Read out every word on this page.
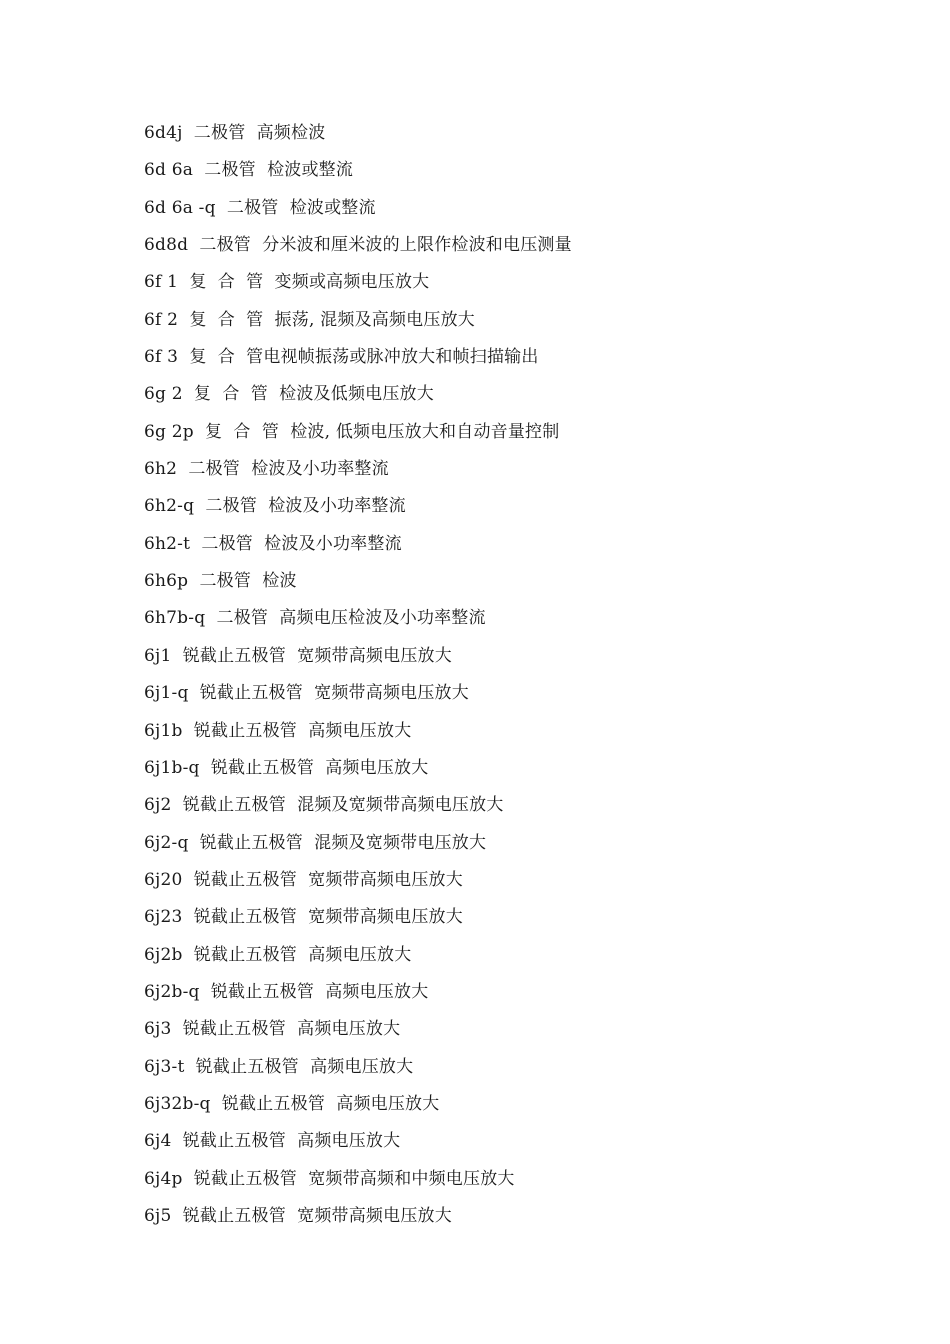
6d4j  二极管  高频检波
6d 6a  二极管  检波或整流
6d 6a -q  二极管  检波或整流
6d8d  二极管  分米波和厘米波的上限作检波和电压测量
6f 1  复  合  管  变频或高频电压放大
6f 2  复  合  管  振荡, 混频及高频电压放大
6f 3  复  合  管电视帧振荡或脉冲放大和帧扫描输出
6g 2  复  合  管  检波及低频电压放大
6g 2p  复  合  管  检波, 低频电压放大和自动音量控制
6h2  二极管  检波及小功率整流
6h2-q  二极管  检波及小功率整流
6h2-t  二极管  检波及小功率整流
6h6p  二极管  检波
6h7b-q  二极管  高频电压检波及小功率整流
6j1  锐截止五极管  宽频带高频电压放大
6j1-q  锐截止五极管  宽频带高频电压放大
6j1b  锐截止五极管  高频电压放大
6j1b-q  锐截止五极管  高频电压放大
6j2  锐截止五极管  混频及宽频带高频电压放大
6j2-q  锐截止五极管  混频及宽频带电压放大
6j20  锐截止五极管  宽频带高频电压放大
6j23  锐截止五极管  宽频带高频电压放大
6j2b  锐截止五极管  高频电压放大
6j2b-q  锐截止五极管  高频电压放大
6j3  锐截止五极管  高频电压放大
6j3-t  锐截止五极管  高频电压放大
6j32b-q  锐截止五极管  高频电压放大
6j4  锐截止五极管  高频电压放大
6j4p  锐截止五极管  宽频带高频和中频电压放大
6j5  锐截止五极管  宽频带高频电压放大
